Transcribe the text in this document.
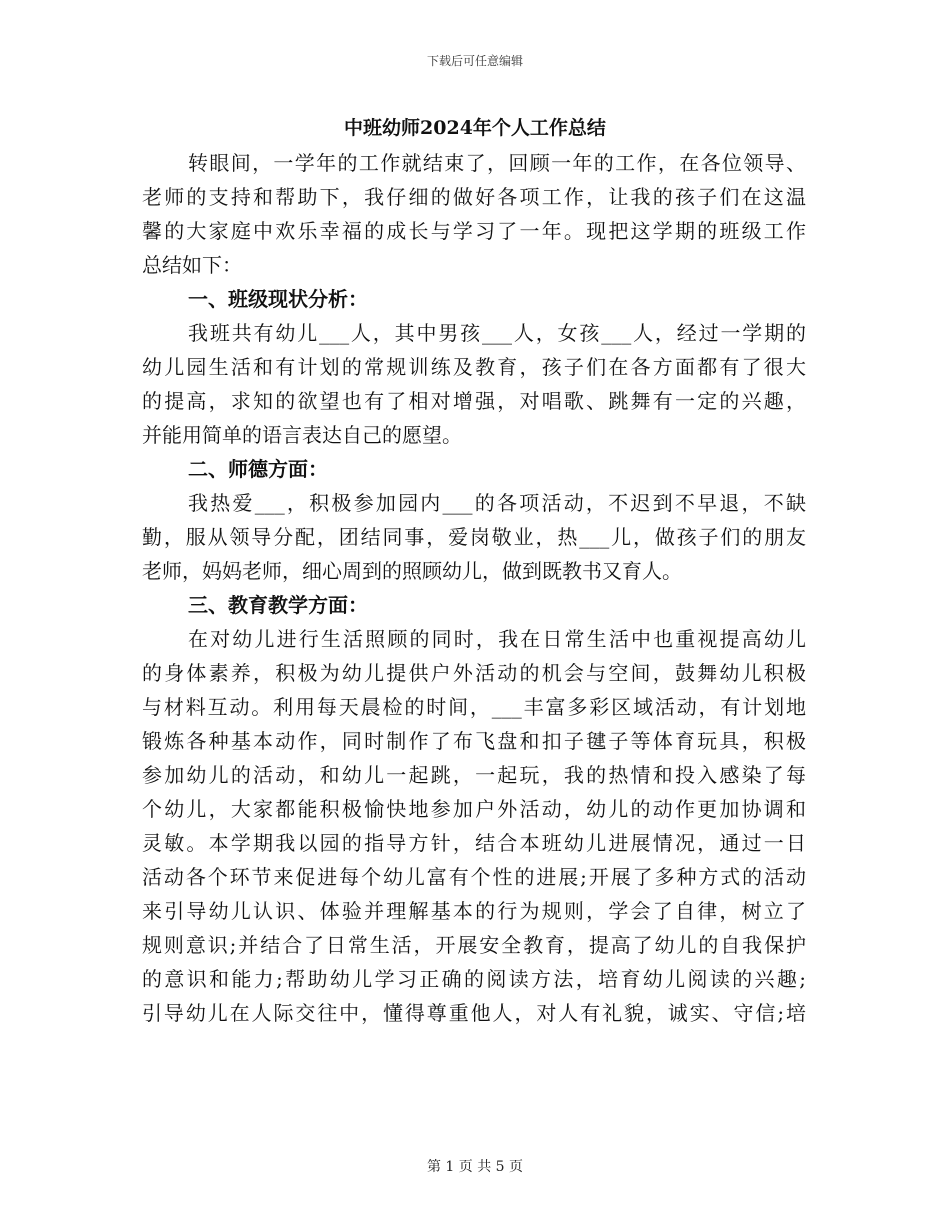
下载后可任意编辑
中班幼师2024年个人工作总结
转眼间，一学年的工作就结束了，回顾一年的工作，在各位领导、
老师的支持和帮助下，我仔细的做好各项工作，让我的孩子们在这温
馨的大家庭中欢乐幸福的成长与学习了一年。现把这学期的班级工作
总结如下：
一、班级现状分析：
我班共有幼儿___人，其中男孩___人，女孩___人，经过一学期的
幼儿园生活和有计划的常规训练及教育，孩子们在各方面都有了很大
的提高，求知的欲望也有了相对增强，对唱歌、跳舞有一定的兴趣，
并能用简单的语言表达自己的愿望。
二、师德方面：
我热爱___，积极参加园内___的各项活动，不迟到不早退，不缺
勤，服从领导分配，团结同事，爱岗敬业，热___儿，做孩子们的朋友
老师，妈妈老师，细心周到的照顾幼儿，做到既教书又育人。
三、教育教学方面：
在对幼儿进行生活照顾的同时，我在日常生活中也重视提高幼儿
的身体素养，积极为幼儿提供户外活动的机会与空间，鼓舞幼儿积极
与材料互动。利用每天晨检的时间，___丰富多彩区域活动，有计划地
锻炼各种基本动作，同时制作了布飞盘和扣子毽子等体育玩具，积极
参加幼儿的活动，和幼儿一起跳，一起玩，我的热情和投入感染了每
个幼儿，大家都能积极愉快地参加户外活动，幼儿的动作更加协调和
灵敏。本学期我以园的指导方针，结合本班幼儿进展情况，通过一日
活动各个环节来促进每个幼儿富有个性的进展;开展了多种方式的活动
来引导幼儿认识、体验并理解基本的行为规则，学会了自律，树立了
规则意识;并结合了日常生活，开展安全教育，提高了幼儿的自我保护
的意识和能力;帮助幼儿学习正确的阅读方法，培育幼儿阅读的兴趣;
引导幼儿在人际交往中，懂得尊重他人，对人有礼貌，诚实、守信;培
第 1 页 共 5 页
